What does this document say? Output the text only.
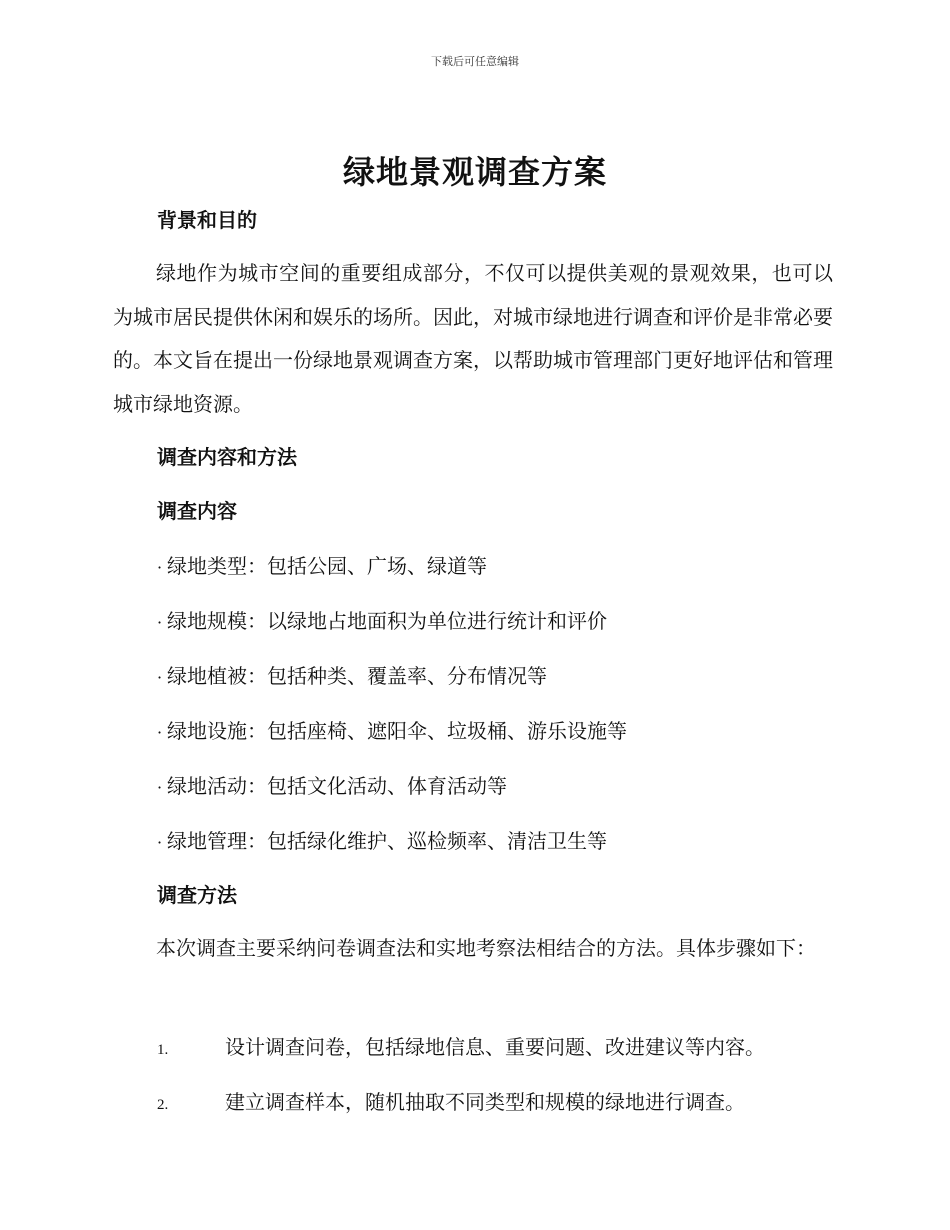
下载后可任意编辑
绿地景观调查方案
背景和目的

绿地作为城市空间的重要组成部分，不仅可以提供美观的景观效果，也可以为城市居民提供休闲和娱乐的场所。因此，对城市绿地进行调查和评价是非常必要的。本文旨在提出一份绿地景观调查方案，以帮助城市管理部门更好地评估和管理城市绿地资源。

调查内容和方法
调查内容
· 绿地类型：包括公园、广场、绿道等
· 绿地规模：以绿地占地面积为单位进行统计和评价
· 绿地植被：包括种类、覆盖率、分布情况等
· 绿地设施：包括座椅、遮阳伞、垃圾桶、游乐设施等
· 绿地活动：包括文化活动、体育活动等
· 绿地管理：包括绿化维护、巡检频率、清洁卫生等
调查方法

本次调查主要采纳问卷调查法和实地考察法相结合的方法。具体步骤如下：

1.	设计调查问卷，包括绿地信息、重要问题、改进建议等内容。
2.	建立调查样本，随机抽取不同类型和规模的绿地进行调查。
